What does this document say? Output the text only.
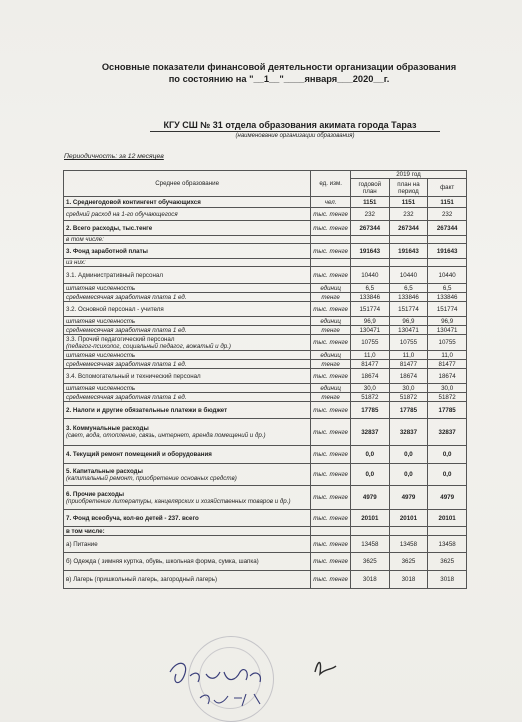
Основные показатели финансовой деятельности организации образования
по состоянию на "__1__"____января___2020__г.
КГУ СШ № 31 отдела образования акимата города Тараз
(наименование организации образования)
Периодичность: за 12 месяцев
Среднее образование	ед. изм.	2019 год		
		годовой план	план на период	факт
1. Среднегодовой контингент обучающихся	чел.	1151	1151	1151
средний расход на 1-го обучающегося	тыс. тенге	232	232	232
2. Всего расходы, тыс.тенге	тыс. тенге	267344	267344	267344
в том числе:				
3. Фонд заработной платы	тыс. тенге	191643	191643	191643
из них:				
3.1. Административный персонал	тыс. тенге	10440	10440	10440
штатная численность	единиц	6,5	6,5	6,5
среднемесячная заработная плата 1 ед.	тенге	133846	133846	133846
3.2. Основной персонал - учителя	тыс. тенге	151774	151774	151774
штатная численность	единиц	96,9	96,9	96,9
среднемесячная заработная плата 1 ед.	тенге	130471	130471	130471
3.3. Прочий педагогический персонал
(педагог-психолог, социальный педагог, вожатый и др.)	тыс. тенге	10755	10755	10755
штатная численность	единиц	11,0	11,0	11,0
среднемесячная заработная плата 1 ед.	тенге	81477	81477	81477
3.4. Вспомогательный и технический персонал	тыс. тенге	18674	18674	18674
штатная численность	единиц	30,0	30,0	30,0
среднемесячная заработная плата 1 ед.	тенге	51872	51872	51872
2. Налоги и другие обязательные платежи в бюджет	тыс. тенге	17785	17785	17785
3. Коммунальные расходы
(свет, вода, отопление, связь, интернет, аренда помещений и др.)	тыс. тенге	32837	32837	32837
4. Текущий ремонт помещений и оборудования	тыс. тенге	0,0	0,0	0,0
5. Капитальные расходы
(капитальный ремонт, приобретение основных средств)	тыс. тенге	0,0	0,0	0,0
6. Прочие расходы
(приобретение литературы, канцелярских и хозяйственных товаров и др.)	тыс. тенге	4979	4979	4979
7. Фонд всеобуча, кол-во детей - 237. всего	тыс. тенге	20101	20101	20101
в том числе:				
а) Питание	тыс. тенге	13458	13458	13458
б) Одежда ( зимняя куртка, обувь, школьная форма, сумка, шапка)	тыс. тенге	3625	3625	3625
в) Лагерь (пришкольный лагерь, загородный лагерь)	тыс. тенге	3018	3018	3018
